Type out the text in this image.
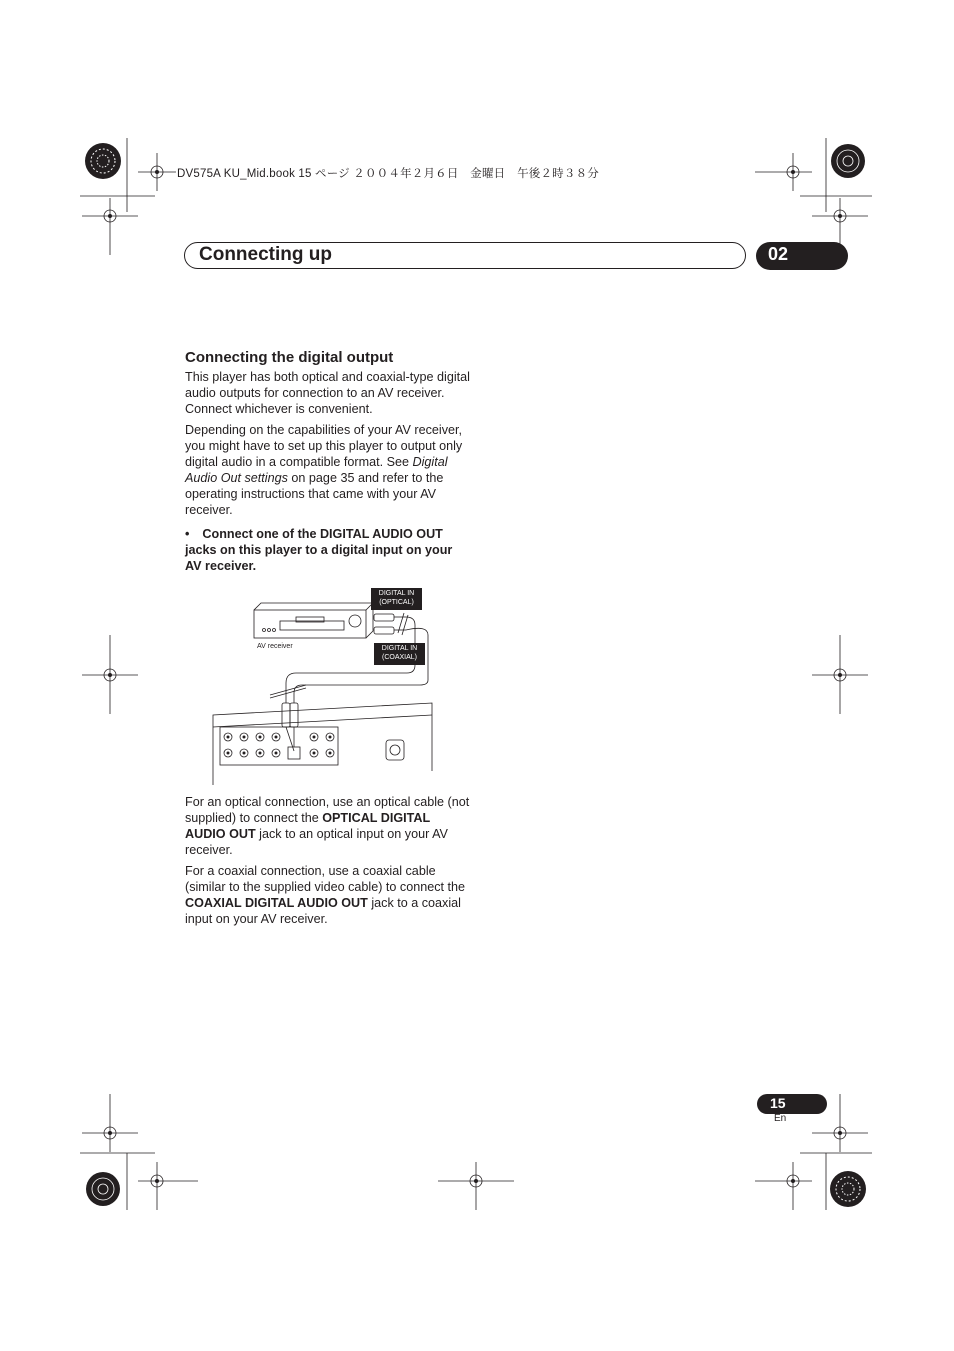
DV575A KU_Mid.book 15 ページ ２００４年２月６日　金曜日　午後２時３８分
Connecting up	02
Connecting the digital output

This player has both optical and coaxial-type digital audio outputs for connection to an AV receiver. Connect whichever is convenient.

Depending on the capabilities of your AV receiver, you might have to set up this player to output only digital audio in a compatible format. See Digital Audio Out settings on page 35 and refer to the operating instructions that came with your AV receiver.

• Connect one of the DIGITAL AUDIO OUT jacks on this player to a digital input on your AV receiver.

DIGITAL IN
(OPTICAL)
DIGITAL IN
(COAXIAL)
AV receiver

For an optical connection, use an optical cable (not supplied) to connect the OPTICAL DIGITAL AUDIO OUT jack to an optical input on your AV receiver.

For a coaxial connection, use a coaxial cable (similar to the supplied video cable) to connect the COAXIAL DIGITAL AUDIO OUT jack to a coaxial input on your AV receiver.

15
En
